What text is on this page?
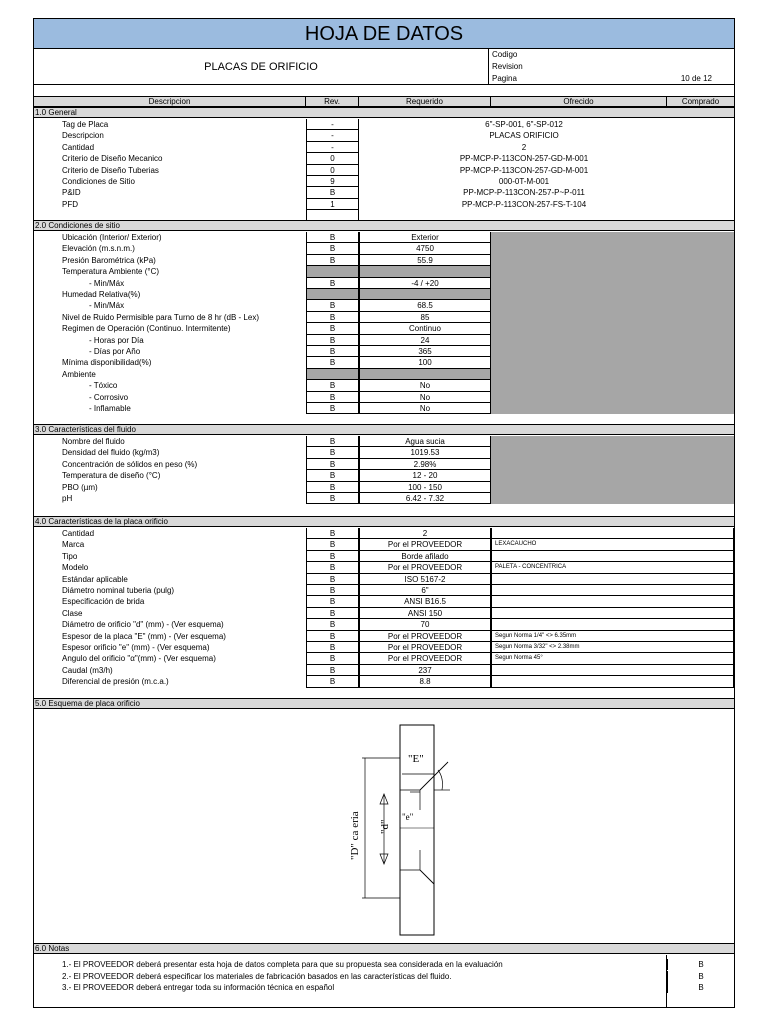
HOJA DE DATOS
PLACAS DE ORIFICIO
Codigo
Revision
Pagina	10 de 12
Descripcion	Rev.	Requerido	Ofrecido	Comprado
1.0 General
Tag de Placa	-	6"-SP-001, 6"-SP-012
Descripcion	-	PLACAS ORIFICIO
Cantidad	-	2
Criterio de Diseño Mecanico	0	PP-MCP-P-113CON-257-GD-M-001
Criterio de Diseño Tuberias	0	PP-MCP-P-113CON-257-GD-M-001
Condiciones de Sitio	9	000-0T-M-001
P&ID	B	PP-MCP-P-113CON-257-P~P-011
PFD	1	PP-MCP-P-113CON-257-FS-T-104
2.0 Condiciones de sitio
Ubicación (Interior/ Exterior)	B	Exterior
Elevación (m.s.n.m.)	B	4750
Presión Barométrica (kPa)	B	55.9
Temperatura Ambiente (°C)
- Min/Máx	B	-4 / +20
Humedad Relativa(%)
- Min/Máx	B	68.5
Nivel de Ruido Permisible para Turno de 8 hr (dB - Lex)	B	85
Regimen de Operación (Continuo. Intermitente)	B	Continuo
- Horas por Día	B	24
- Días por Año	B	365
Mínima disponibilidad(%)	B	100
Ambiente
- Tóxico	B	No
- Corrosivo	B	No
- Inflamable	B	No
3.0 Características del fluido
Nombre del fluido	B	Agua sucia
Densidad del fluido (kg/m3)	B	1019.53
Concentración de sólidos en peso (%)	B	2.98%
Temperatura de diseño (°C)	B	12 - 20
PBO (µm)	B	100 - 150
pH	B	6.42 - 7.32
4.0 Características de la placa orificio
Cantidad	B	2
Marca	B	Por el PROVEEDOR	LEXACAUCHO
Tipo	B	Borde afilado
Modelo	B	Por el PROVEEDOR	PALETA - CONCENTRICA
Estándar aplicable	B	ISO 5167-2
Diámetro nominal tuberia (pulg)	B	6"
Especificación de brida	B	ANSI B16.5
Clase	B	ANSI 150
Diámetro de orificio "d" (mm) - (Ver esquema)	B	70
Espesor de la placa "E" (mm) - (Ver esquema)	B	Por el PROVEEDOR	Segun Norma 1/4" <> 6.35mm
Espesor orificio "e" (mm) - (Ver esquema)	B	Por el PROVEEDOR	Segun Norma 3/32" <> 2.38mm
Angulo del orificio "α"(mm) - (Ver esquema)	B	Por el PROVEEDOR	Segun Norma 45°
Caudal (m3/h)	B	237
Diferencial de presión (m.c.a.)	B	8.8
5.0 Esquema de placa orificio
6.0 Notas
1.- El PROVEEDOR deberá presentar esta hoja de datos completa para que su propuesta sea considerada en la evaluación	B
2.- El PROVEEDOR deberá especificar los materiales de fabricación basados en las características del fluido.	B
3.- El PROVEEDOR deberá entregar toda su información técnica en español	B
"E"
"e"
"d"
"D" ca eria
